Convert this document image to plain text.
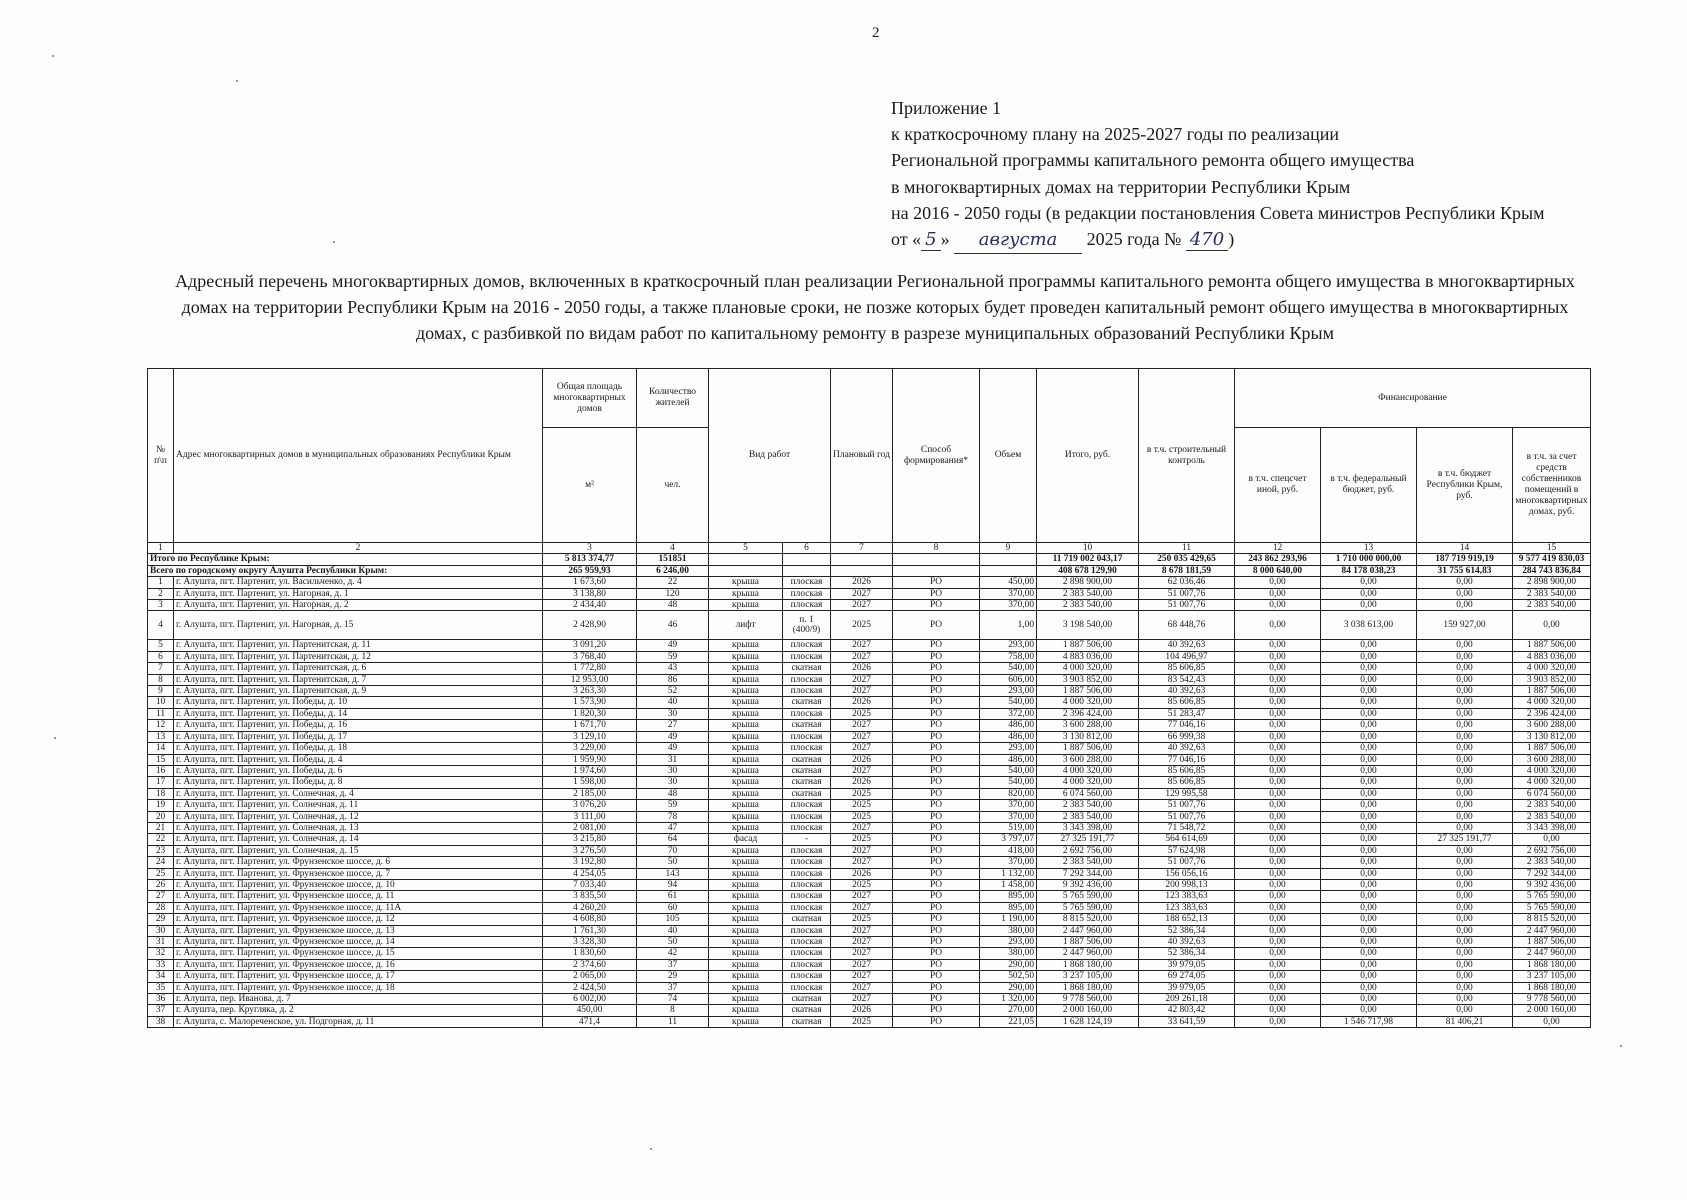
2
Приложение 1
к краткосрочному плану на 2025-2027 годы по реализации
Региональной программы капитального ремонта общего имущества
в многоквартирных домах на территории Республики Крым
на 2016 - 2050 годы (в редакции постановления Совета министров Республики Крым
от « 5 » августа 2025 года № 470 )
Адресный перечень многоквартирных домов, включенных в краткосрочный план реализации Региональной программы капитального ремонта общего имущества в многоквартирных домах на территории Республики Крым на 2016 - 2050 годы, а также плановые сроки, не позже которых будет проведен капитальный ремонт общего имущества в многоквартирных домах, с разбивкой по видам работ по капитальному ремонту в разрезе муниципальных образований Республики Крым
№ п\п	Адрес многоквартирных домов в муниципальных образованиях Республики Крым	Общая площадь многоквартирных домов	Количество жителей	Вид работ		Плановый год	Способ формирования*	Объем	Итого, руб.	в т.ч. строительный контроль	Финансирование			
		м²	чел.								в т.ч. спецсчет иной, руб.	в т.ч. федеральный бюджет, руб.	в т.ч. бюджет Республики Крым, руб.	в т.ч. за счет средств собственников помещений в многоквартирных домах, руб.
1	2	3	4	5	6	7	8	9	10	11	12	13	14	15
Итого по Республике Крым:		5 813 374,77	151851						11 719 002 043,17	250 035 429,65	243 862 293,96	1 710 000 000,00	187 719 919,19	9 577 419 830,03
Всего по городскому округу Алушта Республики Крым:		265 959,93	6 246,00						408 678 129,90	8 678 181,59	8 000 640,00	84 178 038,23	31 755 614,83	284 743 836,84
1	г. Алушта, пгт. Партенит, ул. Васильченко, д. 4	1 673,60	22	крыша	плоская	2026	РО	450,00	2 898 900,00	62 036,46	0,00	0,00	0,00	2 898 900,00
2	г. Алушта, пгт. Партенит, ул. Нагорная, д. 1	3 138,80	120	крыша	плоская	2027	РО	370,00	2 383 540,00	51 007,76	0,00	0,00	0,00	2 383 540,00
3	г. Алушта, пгт. Партенит, ул. Нагорная, д. 2	2 434,40	48	крыша	плоская	2027	РО	370,00	2 383 540,00	51 007,76	0,00	0,00	0,00	2 383 540,00
4	г. Алушта, пгт. Партенит, ул. Нагорная, д. 15	2 428,90	46	лифт	п. 1 (400/9)	2025	РО	1,00	3 198 540,00	68 448,76	0,00	3 038 613,00	159 927,00	0,00
5	г. Алушта, пгт. Партенит, ул. Партенитская, д. 11	3 091,20	49	крыша	плоская	2027	РО	293,00	1 887 506,00	40 392,63	0,00	0,00	0,00	1 887 506,00
6	г. Алушта, пгт. Партенит, ул. Партенитская, д. 12	3 768,40	59	крыша	плоская	2027	РО	758,00	4 883 036,00	104 496,97	0,00	0,00	0,00	4 883 036,00
7	г. Алушта, пгт. Партенит, ул. Партенитская, д. 6	1 772,80	43	крыша	скатная	2026	РО	540,00	4 000 320,00	85 606,85	0,00	0,00	0,00	4 000 320,00
8	г. Алушта, пгт. Партенит, ул. Партенитская, д. 7	12 953,00	86	крыша	плоская	2027	РО	606,00	3 903 852,00	83 542,43	0,00	0,00	0,00	3 903 852,00
9	г. Алушта, пгт. Партенит, ул. Партенитская, д. 9	3 263,30	52	крыша	плоская	2027	РО	293,00	1 887 506,00	40 392,63	0,00	0,00	0,00	1 887 506,00
10	г. Алушта, пгт. Партенит, ул. Победы, д. 10	1 573,90	40	крыша	скатная	2026	РО	540,00	4 000 320,00	85 606,85	0,00	0,00	0,00	4 000 320,00
11	г. Алушта, пгт. Партенит, ул. Победы, д. 14	1 820,30	30	крыша	плоская	2025	РО	372,00	2 396 424,00	51 283,47	0,00	0,00	0,00	2 396 424,00
12	г. Алушта, пгт. Партенит, ул. Победы, д. 16	1 671,70	27	крыша	скатная	2027	РО	486,00	3 600 288,00	77 046,16	0,00	0,00	0,00	3 600 288,00
13	г. Алушта, пгт. Партенит, ул. Победы, д. 17	3 129,10	49	крыша	плоская	2027	РО	486,00	3 130 812,00	66 999,38	0,00	0,00	0,00	3 130 812,00
14	г. Алушта, пгт. Партенит, ул. Победы, д. 18	3 229,00	49	крыша	плоская	2027	РО	293,00	1 887 506,00	40 392,63	0,00	0,00	0,00	1 887 506,00
15	г. Алушта, пгт. Партенит, ул. Победы, д. 4	1 959,90	31	крыша	скатная	2026	РО	486,00	3 600 288,00	77 046,16	0,00	0,00	0,00	3 600 288,00
16	г. Алушта, пгт. Партенит, ул. Победы, д. 6	1 974,60	30	крыша	скатная	2027	РО	540,00	4 000 320,00	85 606,85	0,00	0,00	0,00	4 000 320,00
17	г. Алушта, пгт. Партенит, ул. Победы, д. 8	1 598,00	30	крыша	скатная	2026	РО	540,00	4 000 320,00	85 606,85	0,00	0,00	0,00	4 000 320,00
18	г. Алушта, пгт. Партенит, ул. Солнечная, д. 4	2 185,00	48	крыша	скатная	2025	РО	820,00	6 074 560,00	129 995,58	0,00	0,00	0,00	6 074 560,00
19	г. Алушта, пгт. Партенит, ул. Солнечная, д. 11	3 076,20	59	крыша	плоская	2025	РО	370,00	2 383 540,00	51 007,76	0,00	0,00	0,00	2 383 540,00
20	г. Алушта, пгт. Партенит, ул. Солнечная, д. 12	3 111,00	78	крыша	плоская	2025	РО	370,00	2 383 540,00	51 007,76	0,00	0,00	0,00	2 383 540,00
21	г. Алушта, пгт. Партенит, ул. Солнечная, д. 13	2 081,00	47	крыша	плоская	2027	РО	519,00	3 343 398,00	71 548,72	0,00	0,00	0,00	3 343 398,00
22	г. Алушта, пгт. Партенит, ул. Солнечная, д. 14	3 215,80	64	фасад	-	2025	РО	3 797,07	27 325 191,77	564 614,69	0,00	0,00	27 325 191,77	0,00
23	г. Алушта, пгт. Партенит, ул. Солнечная, д. 15	3 276,50	70	крыша	плоская	2027	РО	418,00	2 692 756,00	57 624,98	0,00	0,00	0,00	2 692 756,00
24	г. Алушта, пгт. Партенит, ул. Фрунзенское шоссе, д. 6	3 192,80	50	крыша	плоская	2027	РО	370,00	2 383 540,00	51 007,76	0,00	0,00	0,00	2 383 540,00
25	г. Алушта, пгт. Партенит, ул. Фрунзенское шоссе, д. 7	4 254,05	143	крыша	плоская	2026	РО	1 132,00	7 292 344,00	156 056,16	0,00	0,00	0,00	7 292 344,00
26	г. Алушта, пгт. Партенит, ул. Фрунзенское шоссе, д. 10	7 033,40	94	крыша	плоская	2025	РО	1 458,00	9 392 436,00	200 998,13	0,00	0,00	0,00	9 392 436,00
27	г. Алушта, пгт. Партенит, ул. Фрунзенское шоссе, д. 11	3 835,50	61	крыша	плоская	2027	РО	895,00	5 765 590,00	123 383,63	0,00	0,00	0,00	5 765 590,00
28	г. Алушта, пгт. Партенит, ул. Фрунзенское шоссе, д. 11А	4 260,20	60	крыша	плоская	2027	РО	895,00	5 765 590,00	123 383,63	0,00	0,00	0,00	5 765 590,00
29	г. Алушта, пгт. Партенит, ул. Фрунзенское шоссе, д. 12	4 608,80	105	крыша	скатная	2025	РО	1 190,00	8 815 520,00	188 652,13	0,00	0,00	0,00	8 815 520,00
30	г. Алушта, пгт. Партенит, ул. Фрунзенское шоссе, д. 13	1 761,30	40	крыша	плоская	2027	РО	380,00	2 447 960,00	52 386,34	0,00	0,00	0,00	2 447 960,00
31	г. Алушта, пгт. Партенит, ул. Фрунзенское шоссе, д. 14	3 328,30	50	крыша	плоская	2027	РО	293,00	1 887 506,00	40 392,63	0,00	0,00	0,00	1 887 506,00
32	г. Алушта, пгт. Партенит, ул. Фрунзенское шоссе, д. 15	1 830,60	42	крыша	плоская	2027	РО	380,00	2 447 960,00	52 386,34	0,00	0,00	0,00	2 447 960,00
33	г. Алушта, пгт. Партенит, ул. Фрунзенское шоссе, д. 16	2 374,60	37	крыша	плоская	2027	РО	290,00	1 868 180,00	39 979,05	0,00	0,00	0,00	1 868 180,00
34	г. Алушта, пгт. Партенит, ул. Фрунзенское шоссе, д. 17	2 065,00	29	крыша	плоская	2027	РО	502,50	3 237 105,00	69 274,05	0,00	0,00	0,00	3 237 105,00
35	г. Алушта, пгт. Партенит, ул. Фрунзенское шоссе, д. 18	2 424,50	37	крыша	плоская	2027	РО	290,00	1 868 180,00	39 979,05	0,00	0,00	0,00	1 868 180,00
36	г. Алушта, пер. Иванова, д. 7	6 002,00	74	крыша	скатная	2027	РО	1 320,00	9 778 560,00	209 261,18	0,00	0,00	0,00	9 778 560,00
37	г. Алушта, пер. Кругляка, д. 2	450,00	8	крыша	скатная	2026	РО	270,00	2 000 160,00	42 803,42	0,00	0,00	0,00	2 000 160,00
38	г. Алушта, с. Малореченское, ул. Подгорная, д. 11	471,4	11	крыша	скатная	2025	РО	221,05	1 628 124,19	33 641,59	0,00	1 546 717,98	81 406,21	0,00
